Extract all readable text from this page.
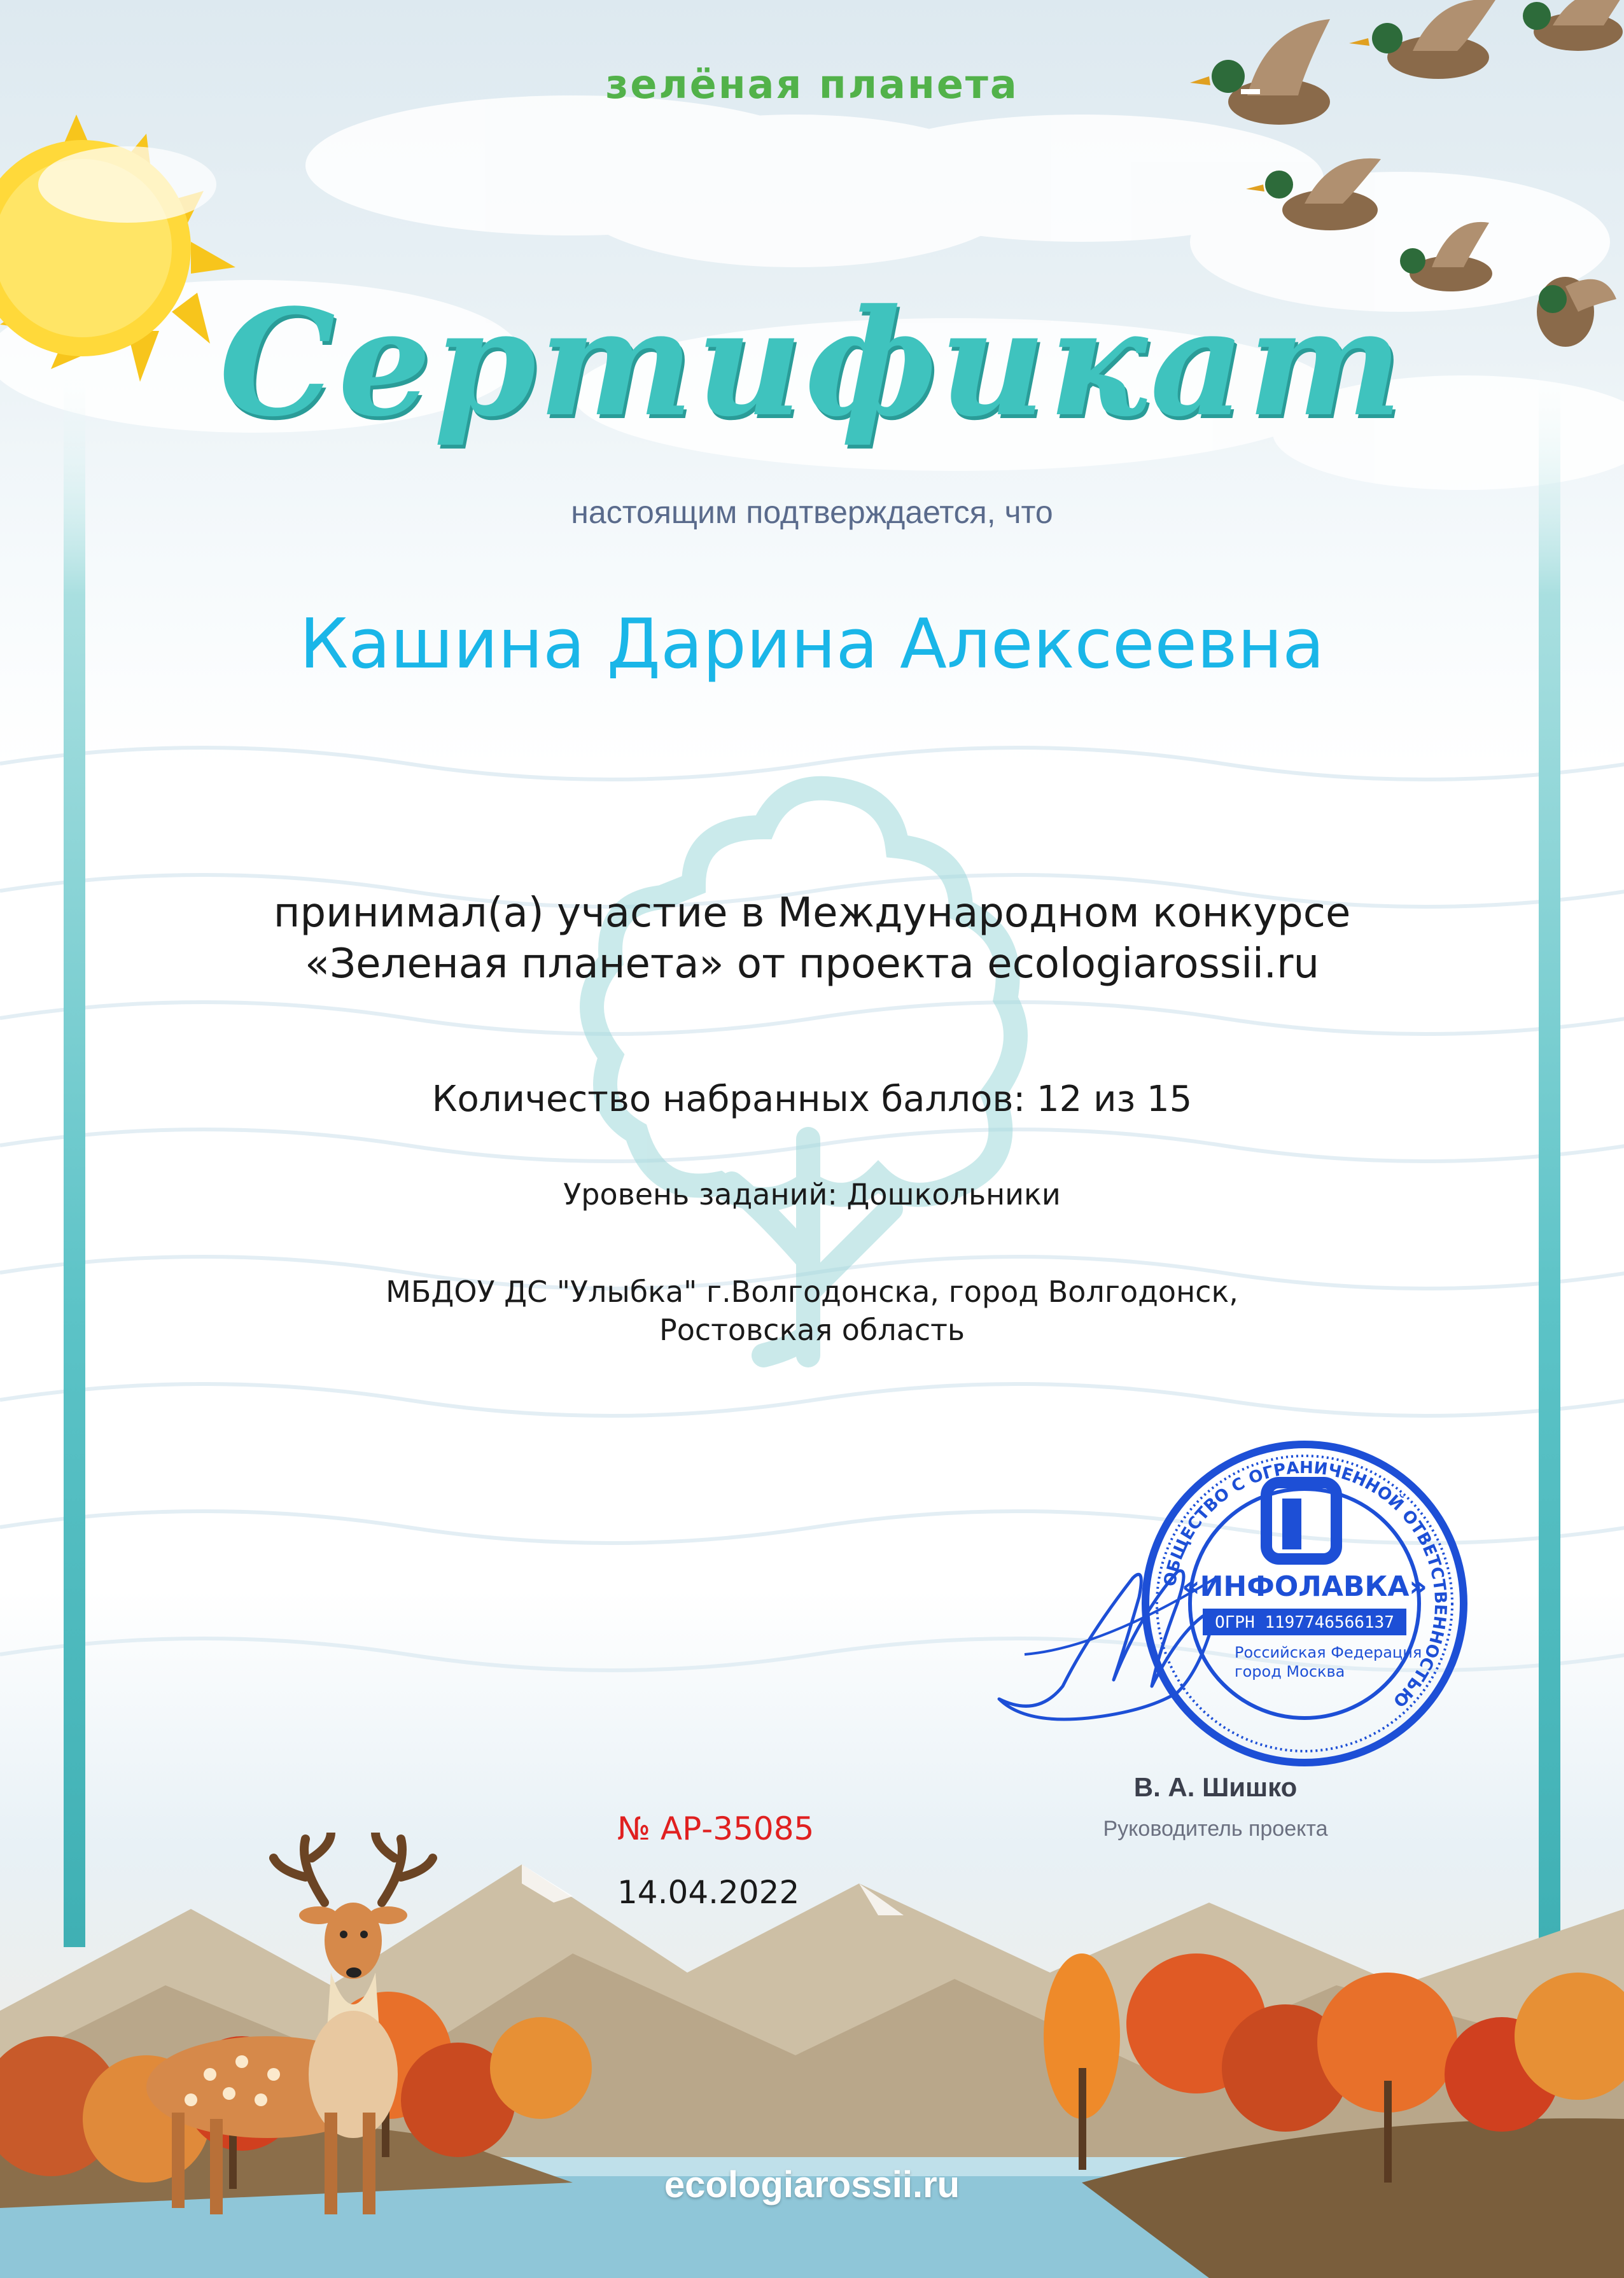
зелёная планета
Сертификат
настоящим подтверждается, что
Кашина Дарина Алексеевна
принимал(а) участие в Международном конкурсе
«Зеленая планета» от проекта ecologiarossii.ru
Количество набранных баллов: 12 из 15
Уровень заданий: Дошкольники
МБДОУ ДС "Улыбка" г.Волгодонска, город Волгодонск,
Ростовская область
ОБЩЕСТВО С ОГРАНИЧЕННОЙ ОТВЕТСТВЕННОСТЬЮ
«ИНФОЛАВКА»
ОГРН 1197746566137
Российская Федерация
город Москва
В. А. Шишко
Руководитель проекта
№ АР-35085
14.04.2022
ecologiarossii.ru
